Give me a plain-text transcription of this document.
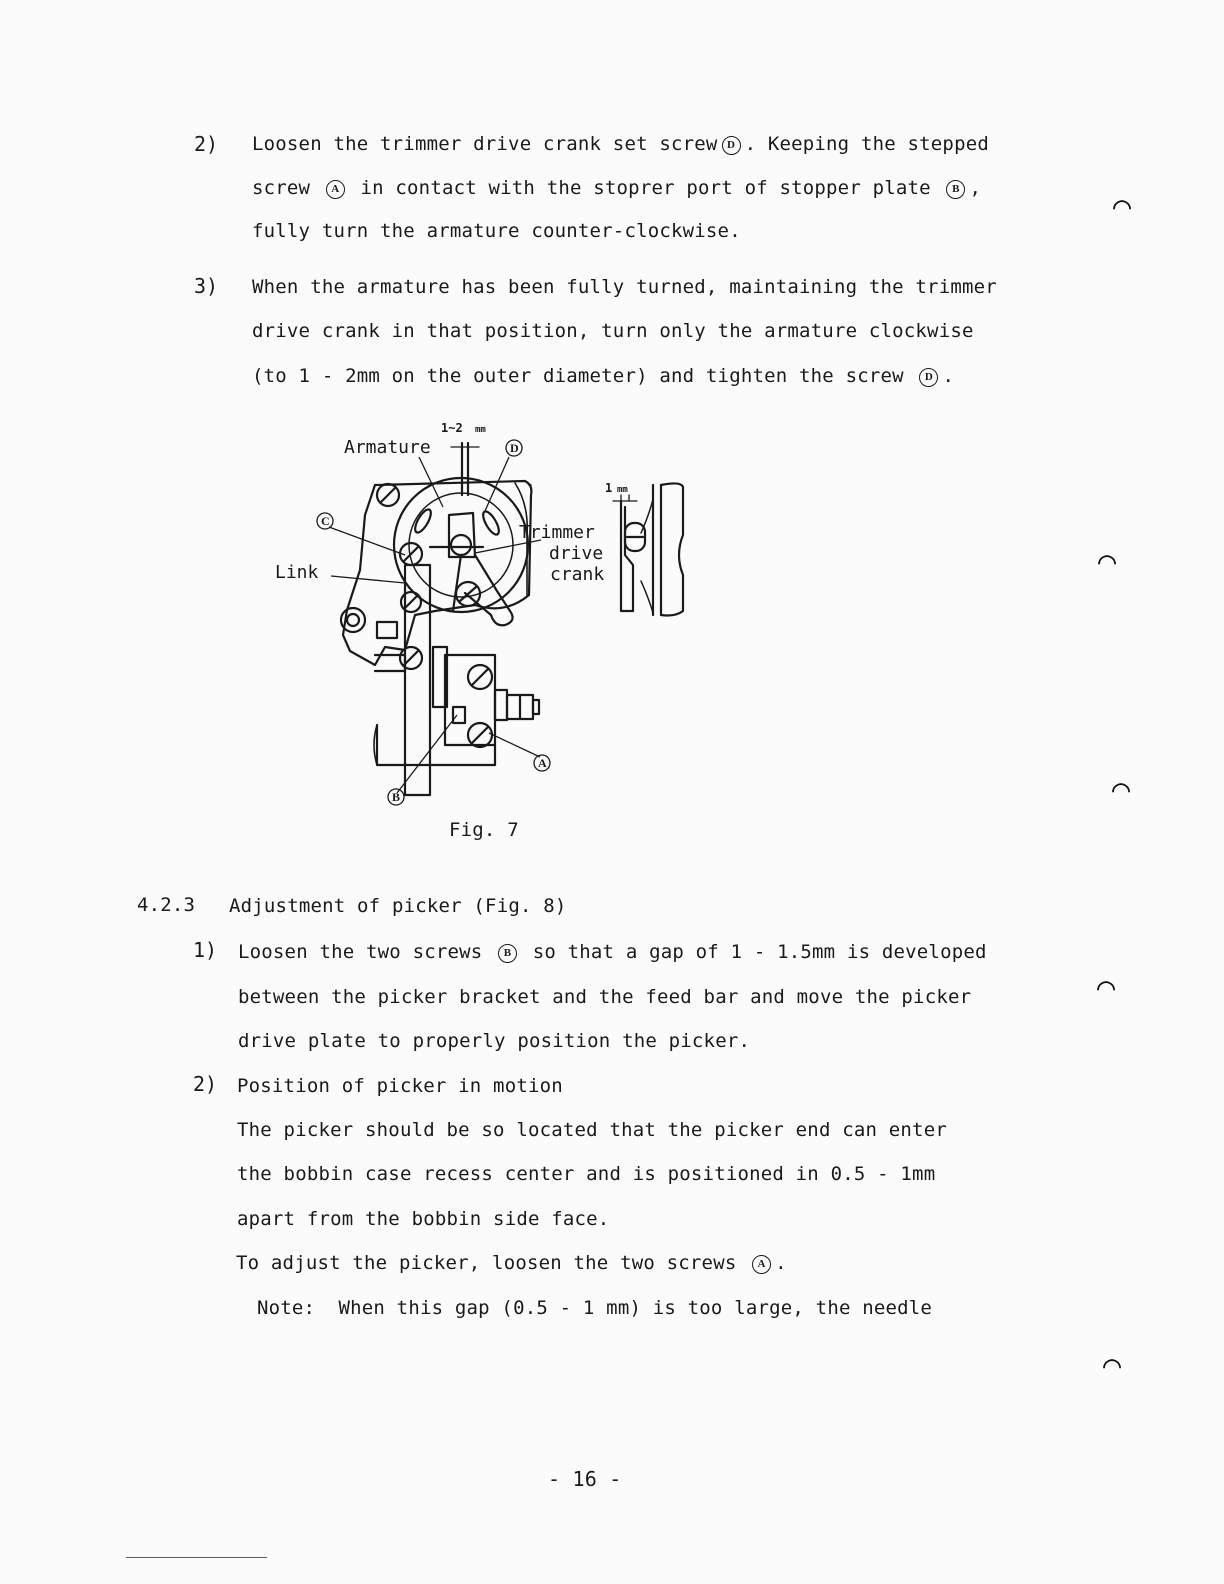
2) Loosen the trimmer drive crank set screw D . Keeping the stepped
screw A in contact with the stoprer port of stopper plate B ,
fully turn the armature counter-clockwise.
3) When the armature has been fully turned, maintaining the trimmer
drive crank in that position, turn only the armature clockwise
(to 1 - 2mm on the outer diameter) and tighten the screw D .
1~2 mm
Armature	D
1 mm
C
Link
Trimmer
drive
crank
A
B
Fig. 7
4.2.3 Adjustment of picker (Fig. 8)
1) Loosen the two screws B so that a gap of 1 - 1.5mm is developed
between the picker bracket and the feed bar and move the picker
drive plate to properly position the picker.
2) Position of picker in motion
The picker should be so located that the picker end can enter
the bobbin case recess center and is positioned in 0.5 - 1mm
apart from the bobbin side face.
To adjust the picker, loosen the two screws A .
Note: When this gap (0.5 - 1 mm) is too large, the needle
- 16 -
◠
◠
◠
◠
◠
